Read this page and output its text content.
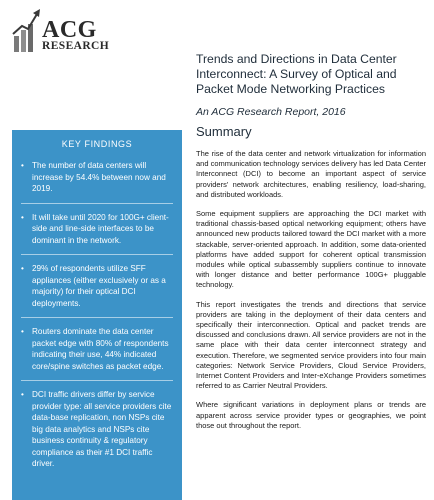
ACG
RESEARCH
Trends and Directions in Data Center Interconnect: A Survey of Optical and Packet Mode Networking Practices
An ACG Research Report, 2016
Summary
KEY FINDINGS
• The number of data centers will increase by 54.4% between now and 2019.
• It will take until 2020 for 100G+ client-side and line-side interfaces to be dominant in the network.
• 29% of respondents utilize SFF appliances (either exclusively or as a majority) for their optical DCI deployments.
• Routers dominate the data center packet edge with 80% of respondents indicating their use, 44% indicated core/spine switches as packet edge.
• DCI traffic drivers differ by service provider type: all service providers cite data-base replication, non NSPs cite big data analytics and NSPs cite business continuity & regulatory compliance as their #1 DCI traffic driver.

The rise of the data center and network virtualization for information and communication technology services delivery has led Data Center Interconnect (DCI) to become an important aspect of service providers' network architectures, enabling resiliency, load-sharing, and distributed workloads.

Some equipment suppliers are approaching the DCI market with traditional chassis-based optical networking equipment; others have announced new products tailored toward the DCI market with a more stackable, server-oriented approach. In addition, some data-oriented platforms have added support for coherent optical transmission modules while optical subassembly suppliers continue to innovate with longer distance and better performance 100G+ pluggable technology.

This report investigates the trends and directions that service providers are taking in the deployment of their data centers and specifically their interconnection. Optical and packet trends are discussed and conclusions drawn. All service providers are not in the same place with their data center interconnect strategy and execution. Therefore, we segmented service providers into four main categories: Network Service Providers, Cloud Service Providers, Internet Content Providers and Inter-eXchange Providers sometimes referred to as Carrier Neutral Providers.

Where significant variations in deployment plans or trends are apparent across service provider types or geographies, we point those out throughout the report.
